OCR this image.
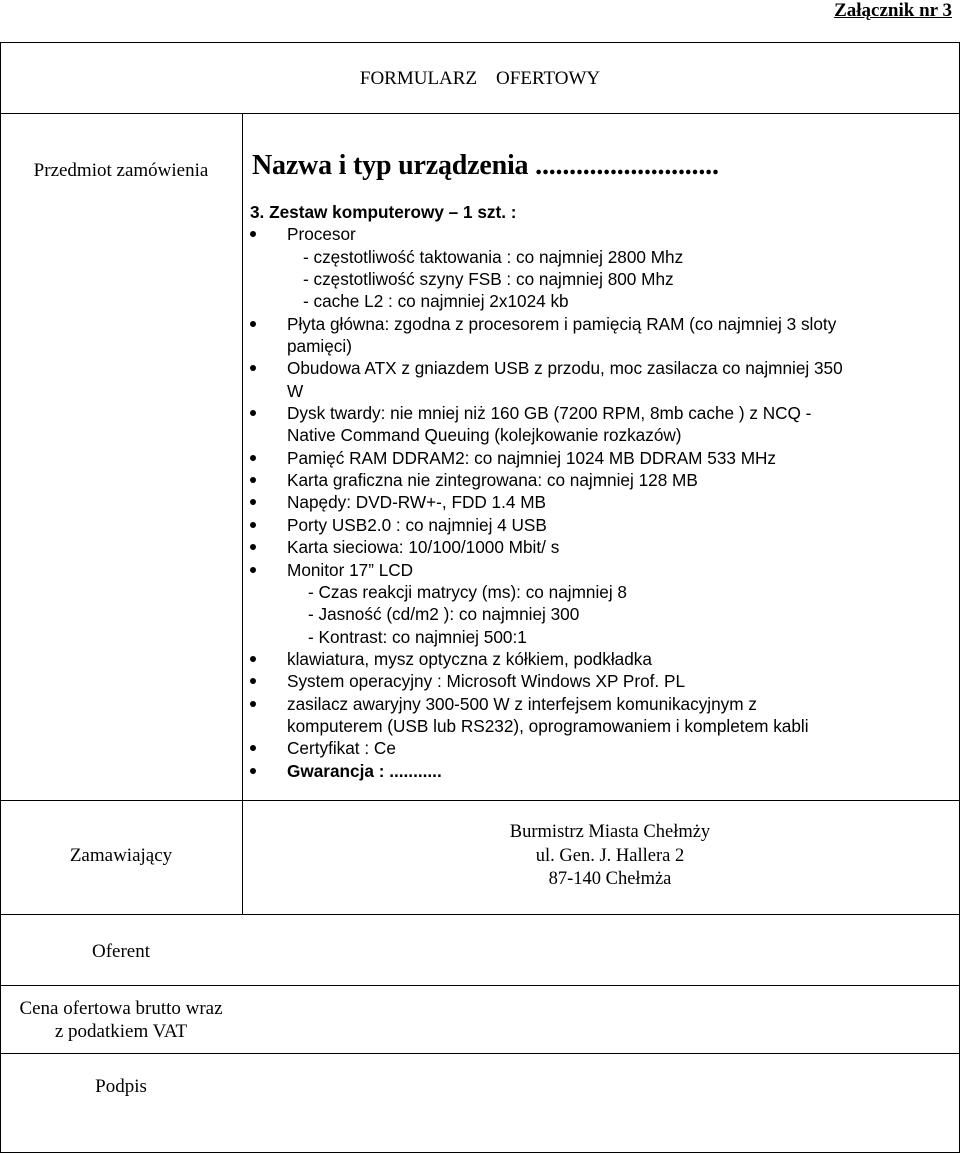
Załącznik nr 3
FORMULARZ    OFERTOWY
Przedmiot zamówienia	Nazwa i typ urządzenia ...........................
3. Zestaw komputerowy – 1 szt. :
Procesor
- częstotliwość taktowania : co najmniej 2800 Mhz
- częstotliwość szyny FSB : co najmniej 800 Mhz
- cache L2 : co najmniej 2x1024 kb
Płyta główna: zgodna z procesorem i pamięcią RAM (co najmniej 3 sloty
pamięci)
Obudowa ATX z gniazdem USB z przodu, moc zasilacza co najmniej 350
W
Dysk twardy: nie mniej niż 160 GB (7200 RPM, 8mb cache ) z NCQ -
Native Command Queuing (kolejkowanie rozkazów)
Pamięć RAM DDRAM2: co najmniej 1024 MB DDRAM 533 MHz
Karta graficzna nie zintegrowana: co najmniej 128 MB
Napędy: DVD-RW+-, FDD 1.4 MB
Porty USB2.0 : co najmniej 4 USB
Karta sieciowa: 10/100/1000 Mbit/ s
Monitor 17” LCD
- Czas reakcji matrycy (ms): co najmniej 8
- Jasność (cd/m2 ): co najmniej 300
- Kontrast: co najmniej 500:1
klawiatura, mysz optyczna z kółkiem, podkładka
System operacyjny : Microsoft Windows XP Prof. PL
zasilacz awaryjny 300-500 W z interfejsem komunikacyjnym z
komputerem (USB lub RS232), oprogramowaniem i kompletem kabli
Certyfikat : Ce
Gwarancja : ...........
Zamawiający
Burmistrz Miasta Chełmży
ul. Gen. J. Hallera 2
87-140 Chełmża
Oferent
Cena ofertowa brutto wraz
z podatkiem VAT
Podpis
